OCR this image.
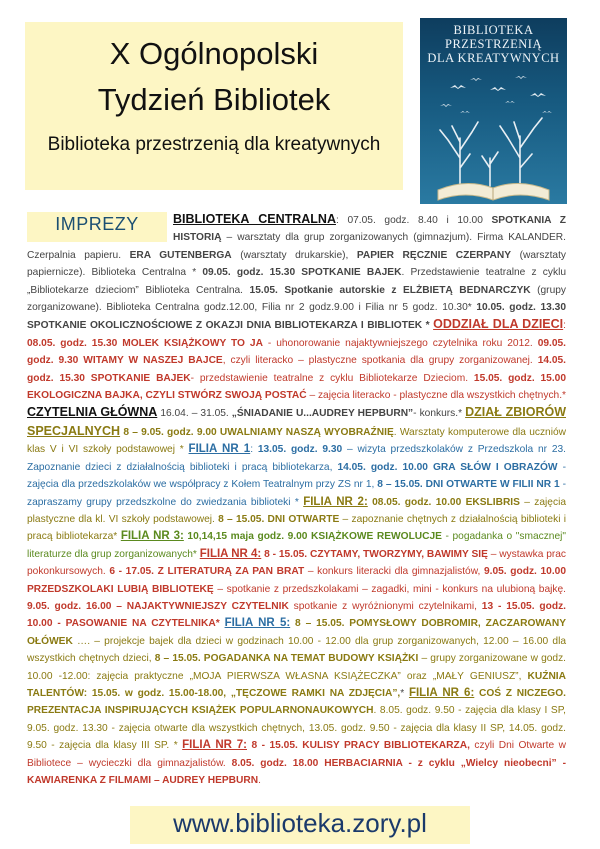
X Ogólnopolski
Tydzień Bibliotek
Biblioteka przestrzenią dla kreatywnych
BIBLIOTEKA
PRZESTRZENIĄ
DLA KREATYWNYCH
IMPREZY	BIBLIOTEKA CENTRALNA: 07.05. godz. 8.40 i 10.00 SPOTKANIA Z HISTORIĄ – warsztaty dla grup zorganizowanych (gimnazjum). Firma KALANDER. Czerpalnia papieru. ERA GUTENBERGA (warsztaty drukarskie), PAPIER RĘCZNIE CZERPANY (warsztaty papiernicze). Biblioteka Centralna * 09.05. godz. 15.30 SPOTKANIE BAJEK. Przedstawienie teatralne z cyklu „Bibliotekarze dzieciom” Biblioteka Centralna. 15.05. Spotkanie autorskie z ELŻBIETĄ BEDNARCZYK (grupy zorganizowane). Biblioteka Centralna godz.12.00, Filia nr 2 godz.9.00 i Filia nr 5 godz. 10.30* 10.05. godz. 13.30 SPOTKANIE OKOLICZNOŚCIOWE Z OKAZJI DNIA BIBLIOTEKARZA I BIBLIOTEK * ODDZIAŁ DLA DZIECI: 08.05. godz. 15.30 MOLEK KSIĄŻKOWY TO JA - uhonorowanie najaktywniejszego czytelnika roku 2012. 09.05. godz. 9.30 WITAMY W NASZEJ BAJCE, czyli literacko – plastyczne spotkania dla grupy zorganizowanej. 14.05. godz. 15.30 SPOTKANIE BAJEK- przedstawienie teatralne z cyklu Bibliotekarze Dzieciom. 15.05. godz. 15.00 EKOLOGICZNA BAJKA, CZYLI STWÓRZ SWOJĄ POSTAĆ – zajęcia literacko - plastyczne dla wszystkich chętnych.* CZYTELNIA GŁÓWNA 16.04. – 31.05. „ŚNIADANIE U...AUDREY HEPBURN”- konkurs.* DZIAŁ ZBIORÓW SPECJALNYCH 8 – 9.05. godz. 9.00 UWALNIAMY NASZĄ WYOBRAŹNIĘ. Warsztaty komputerowe dla uczniów klas V i VI szkoły podstawowej * FILIA NR 1: 13.05. godz. 9.30 – wizyta przedszkolaków z Przedszkola nr 23. Zapoznanie dzieci z działalnością biblioteki i pracą bibliotekarza, 14.05. godz. 10.00 GRA SŁÓW I OBRAZÓW - zajęcia dla przedszkolaków we współpracy z Kołem Teatralnym przy ZS nr 1, 8 – 15.05. DNI OTWARTE W FILII NR 1 - zapraszamy grupy przedszkolne do zwiedzania biblioteki * FILIA NR 2: 08.05. godz. 10.00 EKSLIBRIS – zajęcia plastyczne dla kl. VI szkoły podstawowej. 8 – 15.05. DNI OTWARTE – zapoznanie chętnych z działalnością biblioteki i pracą bibliotekarza* FILIA NR 3: 10,14,15 maja godz. 9.00 KSIĄŻKOWE REWOLUCJE - pogadanka o "smacznej" literaturze dla grup zorganizowanych* FILIA NR 4: 8 - 15.05. CZYTAMY, TWORZYMY, BAWIMY SIĘ – wystawka prac pokonkursowych. 6 - 17.05. Z LITERATURĄ ZA PAN BRAT – konkurs literacki dla gimnazjalistów, 9.05. godz. 10.00 PRZEDSZKOLAKI LUBIĄ BIBLIOTEKĘ – spotkanie z przedszkolakami – zagadki, mini - konkurs na ulubioną bajkę. 9.05. godz. 16.00 – NAJAKTYWNIEJSZY CZYTELNIK spotkanie z wyróżnionymi czytelnikami, 13 - 15.05. godz. 10.00 - PASOWANIE NA CZYTELNIKA* FILIA NR 5: 8 – 15.05. POMYSŁOWY DOBROMIR, ZACZAROWANY OŁÓWEK …. – projekcje bajek dla dzieci w godzinach 10.00 - 12.00 dla grup zorganizowanych, 12.00 – 16.00 dla wszystkich chętnych dzieci, 8 – 15.05. POGADANKA NA TEMAT BUDOWY KSIĄŻKI – grupy zorganizowane w godz. 10.00 -12.00: zajęcia praktyczne „MOJA PIERWSZA WŁASNA KSIĄŻECZKA” oraz „MAŁY GENIUSZ”, KUŹNIA TALENTÓW: 15.05. w godz. 15.00-18.00, „TĘCZOWE RAMKI NA ZDJĘCIA”,* FILIA NR 6: COŚ Z NICZEGO. PREZENTACJA INSPIRUJĄCYCH KSIĄŻEK POPULARNONAUKOWYCH. 8.05. godz. 9.50 - zajęcia dla klasy I SP, 9.05. godz. 13.30 - zajęcia otwarte dla wszystkich chętnych, 13.05. godz. 9.50 - zajęcia dla klasy II SP, 14.05. godz. 9.50 - zajęcia dla klasy III SP. * FILIA NR 7: 8 - 15.05. KULISY PRACY BIBLIOTEKARZA, czyli Dni Otwarte w Bibliotece – wycieczki dla gimnazjalistów. 8.05. godz. 18.00 HERBACIARNIA - z cyklu „Wielcy nieobecni” - KAWIARENKA Z FILMAMI – AUDREY HEPBURN.
www.biblioteka.zory.pl
